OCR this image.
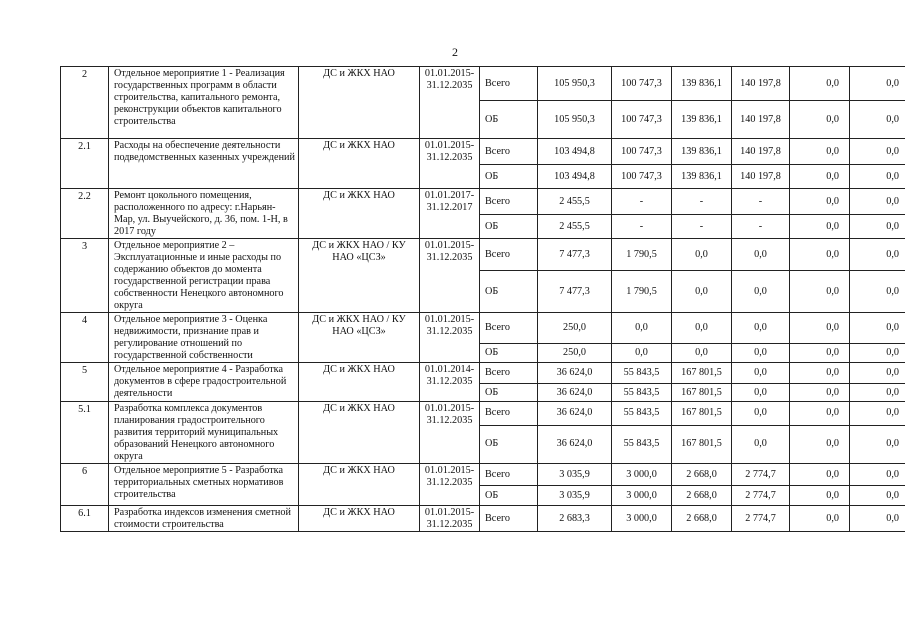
2
2	Отдельное мероприятие 1 - Реализация государственных программ в области строительства, капитального ремонта, реконструкции объектов капитального строительства	ДС и ЖКХ НАО	01.01.2015-31.12.2035	Всего	105 950,3	100 747,3	139 836,1	140 197,8	0,0	0,0
				ОБ	105 950,3	100 747,3	139 836,1	140 197,8	0,0	0,0
2.1	Расходы на обеспечение деятельности подведомственных казенных учреждений	ДС и ЖКХ НАО	01.01.2015-31.12.2035	Всего	103 494,8	100 747,3	139 836,1	140 197,8	0,0	0,0
				ОБ	103 494,8	100 747,3	139 836,1	140 197,8	0,0	0,0
2.2	Ремонт цокольного помещения, расположенного по адресу: г.Нарьян-Мар, ул. Выучейского, д. 36, пом. 1-Н, в 2017 году	ДС и ЖКХ НАО	01.01.2017-31.12.2017	Всего	2 455,5	-	-	-	0,0	0,0
				ОБ	2 455,5	-	-	-	0,0	0,0
3	Отдельное мероприятие 2 – Эксплуатационные и иные расходы по содержанию объектов до момента государственной регистрации права собственности Ненецкого автономного округа	ДС и ЖКХ НАО / КУ НАО «ЦСЗ»	01.01.2015-31.12.2035	Всего	7 477,3	1 790,5	0,0	0,0	0,0	0,0
				ОБ	7 477,3	1 790,5	0,0	0,0	0,0	0,0
4	Отдельное мероприятие 3 - Оценка недвижимости, признание прав и регулирование отношений по государственной собственности	ДС и ЖКХ НАО / КУ НАО «ЦСЗ»	01.01.2015-31.12.2035	Всего	250,0	0,0	0,0	0,0	0,0	0,0
				ОБ	250,0	0,0	0,0	0,0	0,0	0,0
5	Отдельное мероприятие 4 - Разработка документов в сфере градостроительной деятельности	ДС и ЖКХ НАО	01.01.2014-31.12.2035	Всего	36 624,0	55 843,5	167 801,5	0,0	0,0	0,0
				ОБ	36 624,0	55 843,5	167 801,5	0,0	0,0	0,0
5.1	Разработка комплекса документов планирования градостроительного развития территорий муниципальных образований Ненецкого автономного округа	ДС и ЖКХ НАО	01.01.2015-31.12.2035	Всего	36 624,0	55 843,5	167 801,5	0,0	0,0	0,0
				ОБ	36 624,0	55 843,5	167 801,5	0,0	0,0	0,0
6	Отдельное мероприятие 5 - Разработка территориальных сметных нормативов строительства	ДС и ЖКХ НАО	01.01.2015-31.12.2035	Всего	3 035,9	3 000,0	2 668,0	2 774,7	0,0	0,0
				ОБ	3 035,9	3 000,0	2 668,0	2 774,7	0,0	0,0
6.1	Разработка индексов изменения сметной стоимости строительства	ДС и ЖКХ НАО	01.01.2015-31.12.2035	Всего	2 683,3	3 000,0	2 668,0	2 774,7	0,0	0,0
